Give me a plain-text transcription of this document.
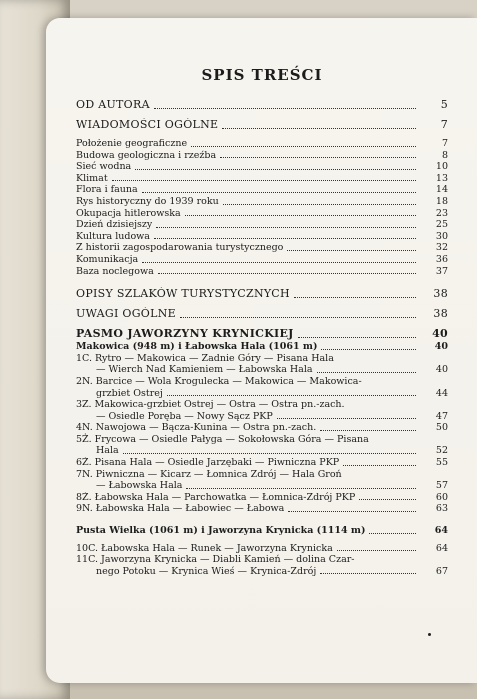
SPIS TREŚCI
OD AUTORA	5
WIADOMOŚCI OGÓLNE	7
Położenie geograficzne	7
Budowa geologiczna i rzeźba	8
Sieć wodna	10
Klimat	13
Flora i fauna	14
Rys historyczny do 1939 roku	18
Okupacja hitlerowska	23
Dzień dzisiejszy	25
Kultura ludowa	30
Z historii zagospodarowania turystycznego	32
Komunikacja	36
Baza noclegowa	37
OPISY SZLAKÓW TURYSTYCZNYCH	38
UWAGI OGÓLNE	38
PASMO JAWORZYNY KRYNICKIEJ	40
Makowica (948 m) i Łabowska Hala (1061 m)	40
1C. Rytro — Makowica — Zadnie Góry — Pisana Hala
— Wierch Nad Kamieniem — Łabowska Hala	40
2N. Barcice — Wola Krogulecka — Makowica — Makowica-
grzbiet Ostrej	44
3Z. Makowica-grzbiet Ostrej — Ostra — Ostra pn.-zach.
— Osiedle Poręba — Nowy Sącz PKP	47
4N. Nawojowa — Bącza-Kunina — Ostra pn.-zach.	50
5Ż. Frycowa — Osiedle Pałyga — Sokołowska Góra — Pisana
Hala	52
6Ż. Pisana Hala — Osiedle Jarzębaki — Piwniczna PKP	55
7N. Piwniczna — Kicarz — Łomnica Zdrój — Hala Groń
— Łabowska Hala	57
8Ż. Łabowska Hala — Parchowatka — Łomnica-Zdrój PKP	60
9N. Łabowska Hala — Łabowiec — Łabowa	63
Pusta Wielka (1061 m) i Jaworzyna Krynicka (1114 m)	64
10C. Łabowska Hala — Runek — Jaworzyna Krynicka	64
11C. Jaworzyna Krynicka — Diabli Kamień — dolina Czar-
nego Potoku — Krynica Wieś — Krynica-Zdrój	67
